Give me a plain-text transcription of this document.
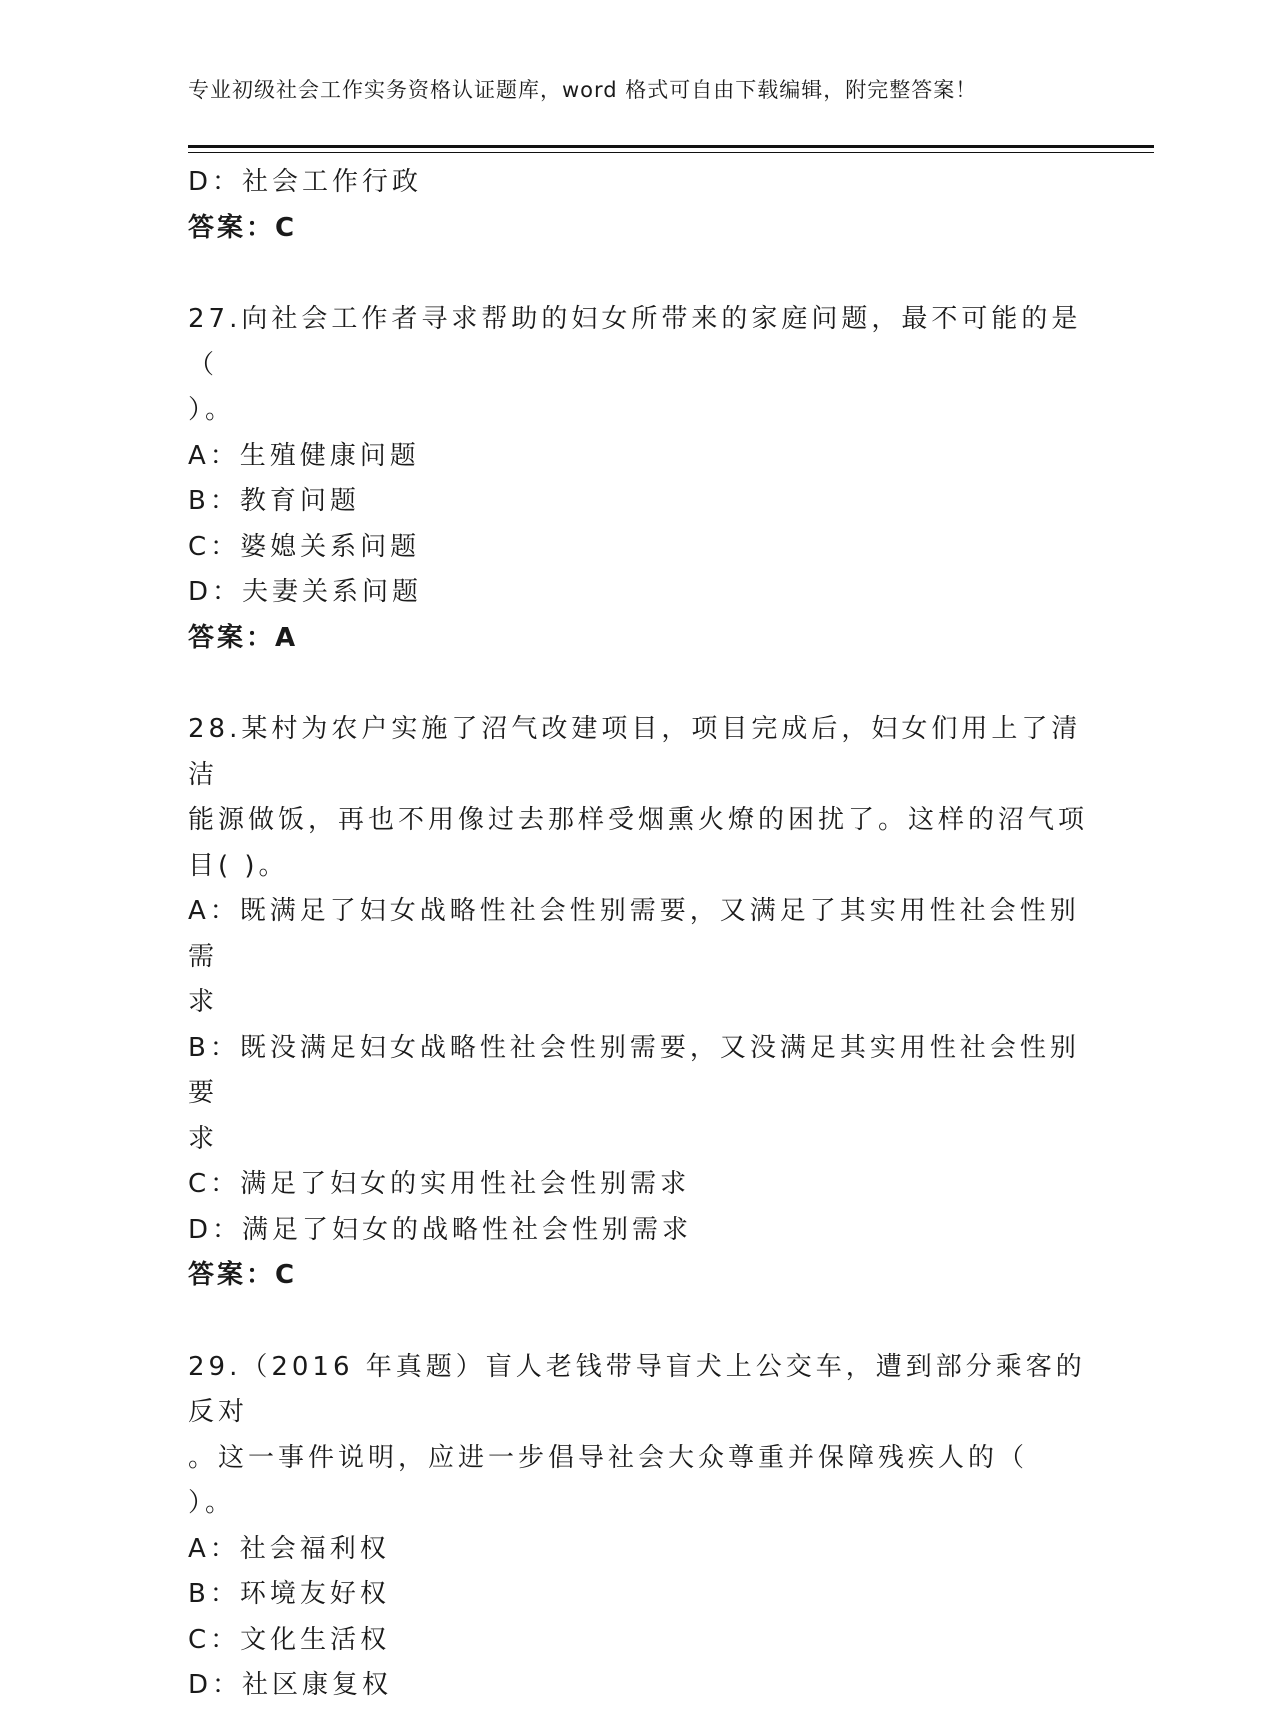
专业初级社会工作实务资格认证题库，word 格式可自由下载编辑，附完整答案！
D：社会工作行政
答案：C
27.向社会工作者寻求帮助的妇女所带来的家庭问题，最不可能的是（
）。
A：生殖健康问题
B：教育问题
C：婆媳关系问题
D：夫妻关系问题
答案：A
28.某村为农户实施了沼气改建项目，项目完成后，妇女们用上了清洁
能源做饭，再也不用像过去那样受烟熏火燎的困扰了。这样的沼气项
目( )。
A：既满足了妇女战略性社会性别需要，又满足了其实用性社会性别需
求
B：既没满足妇女战略性社会性别需要，又没满足其实用性社会性别要
求
C：满足了妇女的实用性社会性别需求
D：满足了妇女的战略性社会性别需求
答案：C
29.（2016 年真题）盲人老钱带导盲犬上公交车，遭到部分乘客的反对
。这一事件说明，应进一步倡导社会大众尊重并保障残疾人的（
）。
A：社会福利权
B：环境友好权
C：文化生活权
D：社区康复权
